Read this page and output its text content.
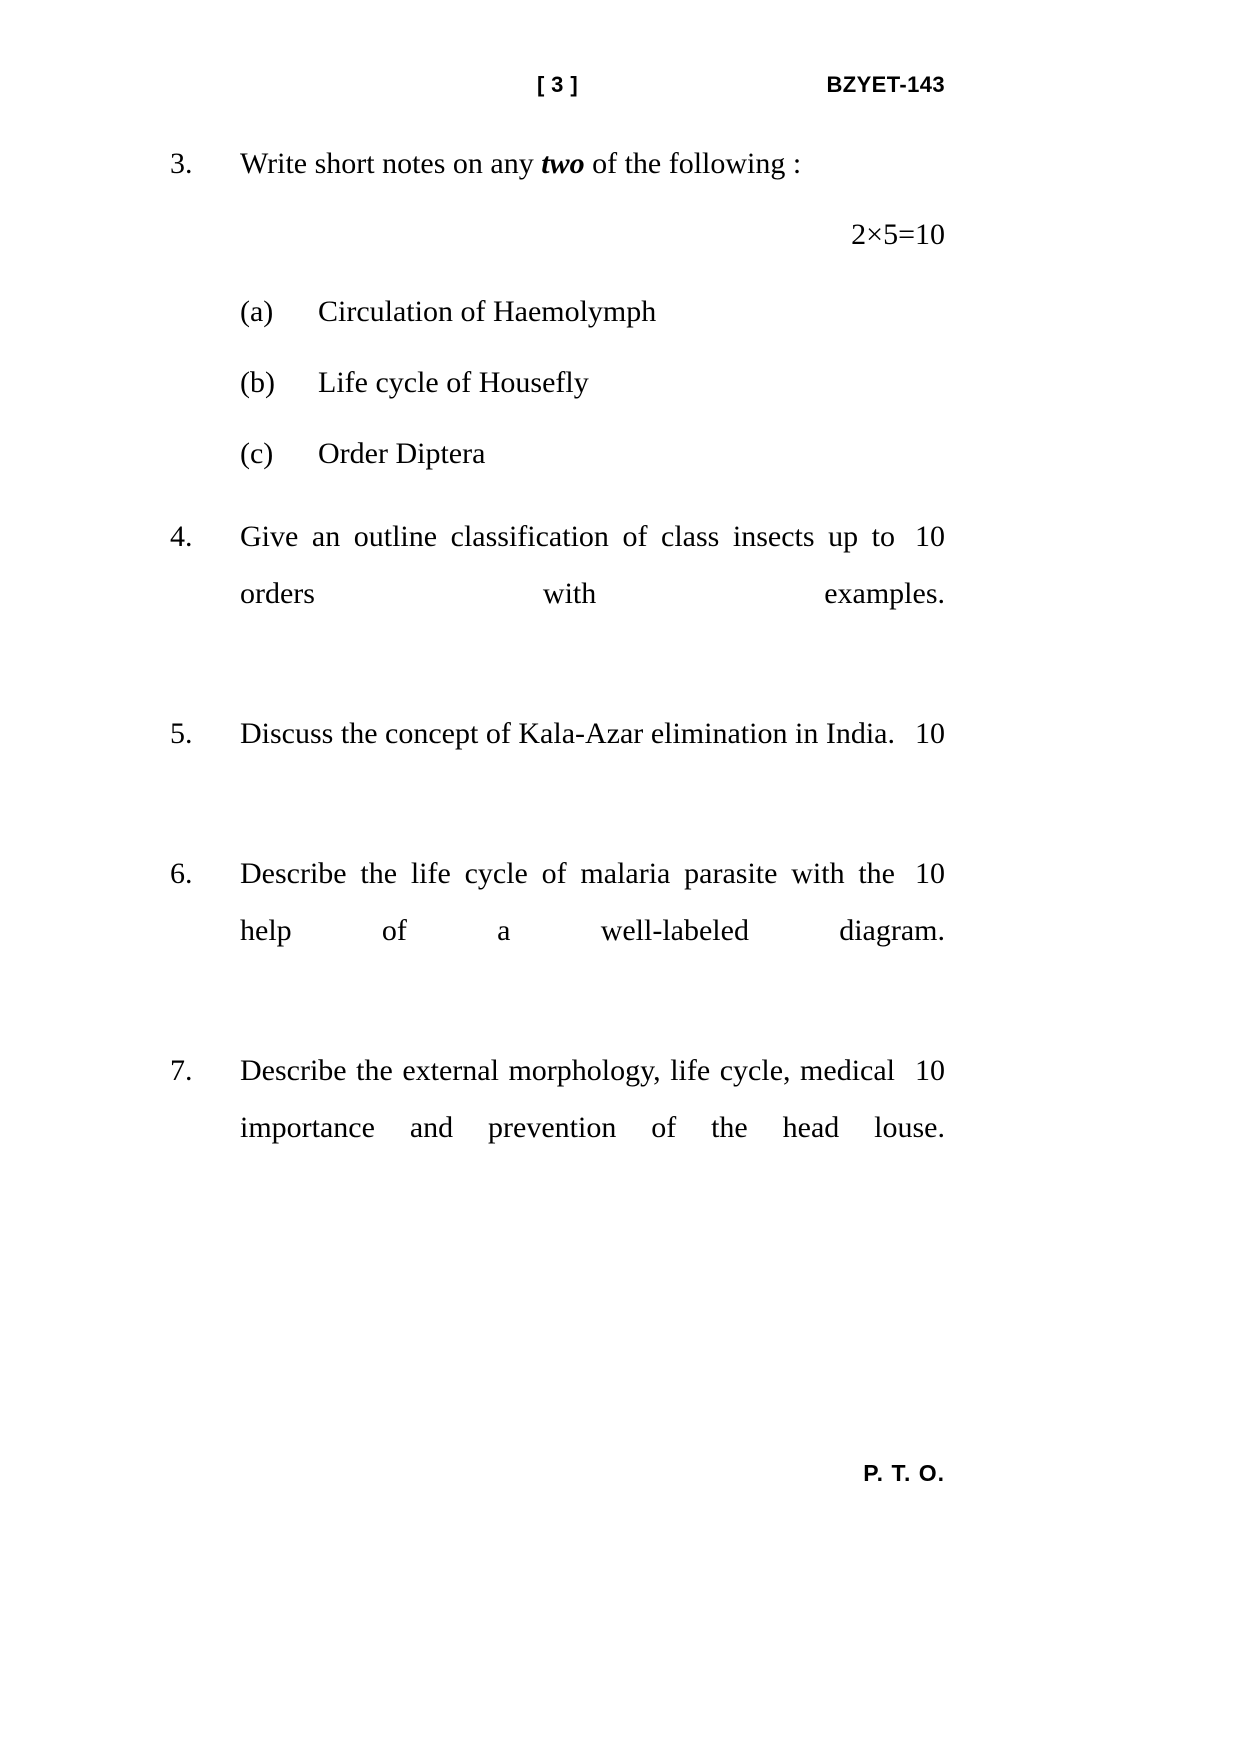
[ 3 ]	BZYET-143
3.	Write short notes on any two of the following :
2×5=10
(a)	Circulation of Haemolymph
(b)	Life cycle of Housefly
(c)	Order Diptera
4.	10
Give an outline classification of class insects up to orders with examples.
5.	10
Discuss the concept of Kala-Azar elimination in India.
6.	10
Describe the life cycle of malaria parasite with the help of a well-labeled diagram.
7.	10
Describe the external morphology, life cycle, medical importance and prevention of the head louse.
P. T. O.
